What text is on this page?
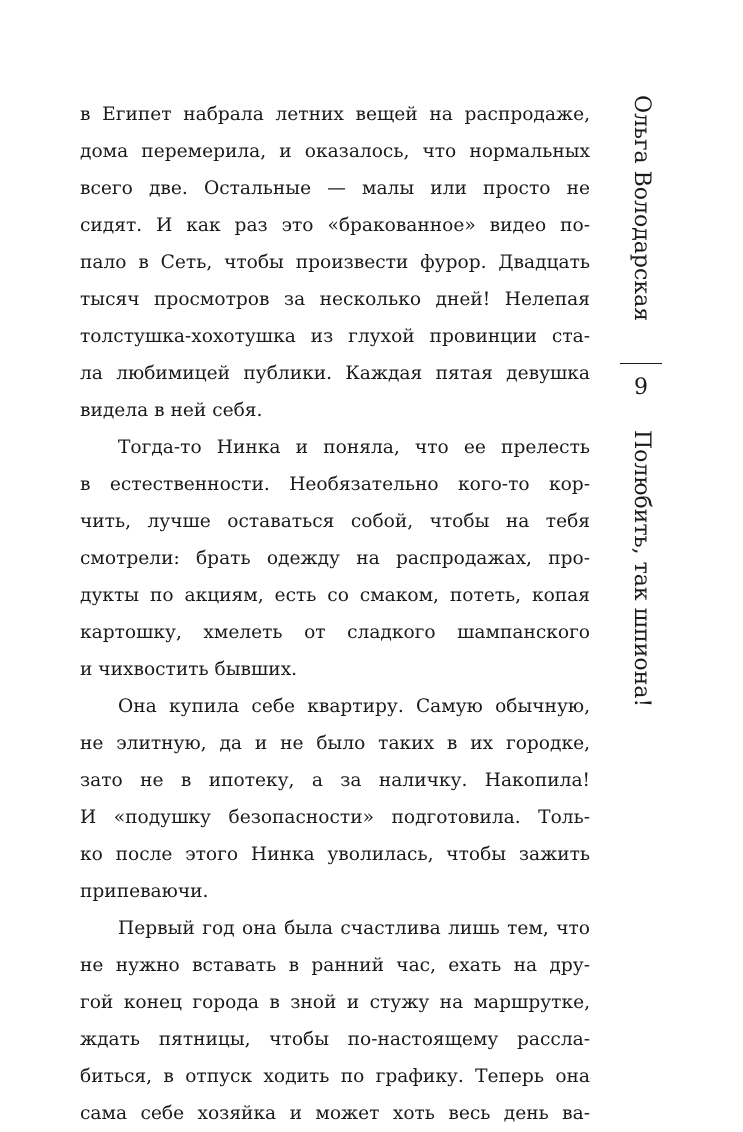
в Египет набрала летних вещей на распродаже,
дома перемерила, и оказалось, что нормальных
всего две. Остальные — малы или просто не
сидят. И как раз это «бракованное» видео по-
пало в Сеть, чтобы произвести фурор. Двадцать
тысяч просмотров за несколько дней! Нелепая
толстушка-хохотушка из глухой провинции ста-
ла любимицей публики. Каждая пятая девушка
видела в ней себя.
Тогда-то Нинка и поняла, что ее прелесть
в естественности. Необязательно кого-то кор-
чить, лучше оставаться собой, чтобы на тебя
смотрели: брать одежду на распродажах, про-
дукты по акциям, есть со смаком, потеть, копая
картошку, хмелеть от сладкого шампанского
и чихвостить бывших.
Она купила себе квартиру. Самую обычную,
не элитную, да и не было таких в их городке,
зато не в ипотеку, а за наличку. Накопила!
И «подушку безопасности» подготовила. Толь-
ко после этого Нинка уволилась, чтобы зажить
припеваючи.
Первый год она была счастлива лишь тем, что
не нужно вставать в ранний час, ехать на дру-
гой конец города в зной и стужу на маршрутке,
ждать пятницы, чтобы по-настоящему расслa-
биться, в отпуск ходить по графику. Теперь она
сама себе хозяйка и может хоть весь день ва-
Ольга Володарская
9
Полюбить, так шпиона!
